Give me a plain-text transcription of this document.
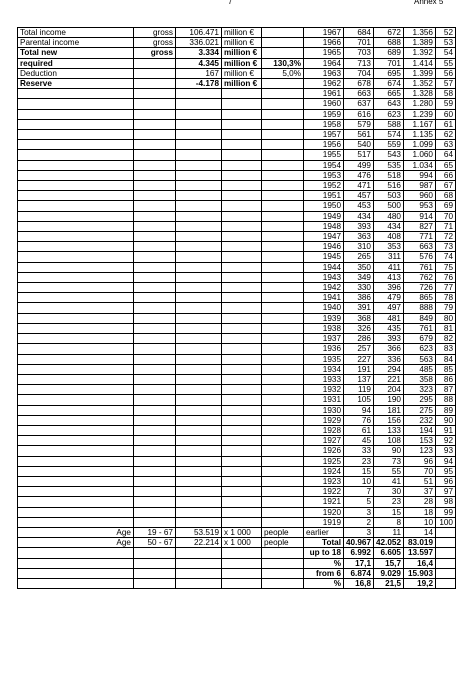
7	Annex 5
Total income	gross	106.471	million €		1967	684	672	1.356	52
Parental income	gross	336.021	million €		1966	701	688	1.389	53
Total new	gross	3.334	million €		1965	703	689	1.392	54
required		4.345	million €	130,3%	1964	713	701	1.414	55
Deduction		167	million €	5,0%	1963	704	695	1.399	56
Reserve		-4.178	million €		1962	678	674	1.352	57
					1961	663	665	1.328	58
					1960	637	643	1.280	59
					1959	616	623	1.239	60
					1958	579	588	1.167	61
					1957	561	574	1.135	62
					1956	540	559	1.099	63
					1955	517	543	1.060	64
					1954	499	535	1.034	65
					1953	476	518	994	66
					1952	471	516	987	67
					1951	457	503	960	68
					1950	453	500	953	69
					1949	434	480	914	70
					1948	393	434	827	71
					1947	363	408	771	72
					1946	310	353	663	73
					1945	265	311	576	74
					1944	350	411	761	75
					1943	349	413	762	76
					1942	330	396	726	77
					1941	386	479	865	78
					1940	391	497	888	79
					1939	368	481	849	80
					1938	326	435	761	81
					1937	286	393	679	82
					1936	257	366	623	83
					1935	227	336	563	84
					1934	191	294	485	85
					1933	137	221	358	86
					1932	119	204	323	87
					1931	105	190	295	88
					1930	94	181	275	89
					1929	76	156	232	90
					1928	61	133	194	91
					1927	45	108	153	92
					1926	33	90	123	93
					1925	23	73	96	94
					1924	15	55	70	95
					1923	10	41	51	96
					1922	7	30	37	97
					1921	5	23	28	98
					1920	3	15	18	99
					1919	2	8	10	100
Age	19 - 67	53.519	x 1 000	people	earlier	3	11	14	
Age	50 - 67	22.214	x 1 000	people	Total	40.967	42.052	83.019	
					up to 18	6.992	6.605	13.597	
					%	17,1	15,7	16,4	
					from 6	6.874	9.029	15.903	
					%	16,8	21,5	19,2	
